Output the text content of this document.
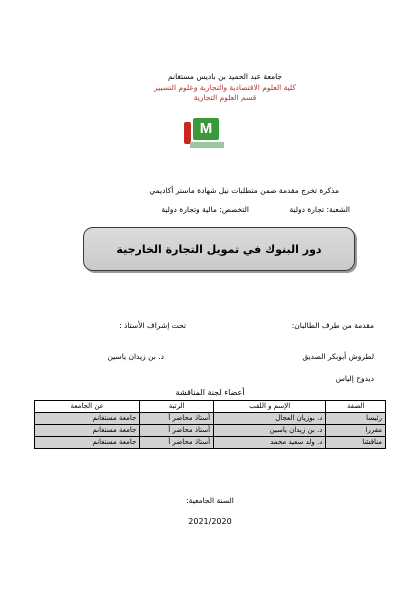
جامعة عبد الحميد بن باديس مستغانم
كلية العلوم الاقتصادية والتجارية وعلوم التسيير
قسم العلوم التجارية
M
مذكرة تخرج مقدمة ضمن متطلبات نيل شهادة ماستر أكاديمي
الشعبة: تجارة دولية
التخصص: مالية وتجارة دولية
دور البنوك في تمويل التجارة الخارجية
مقدمة من طرف الطالبان:
تحت إشراف الأستاذ :
لطروش أبوبكر الصديق
د. بن زيدان ياسين
ديدوح إلياس
أعضاء لجنة المناقشة
الصفة	الإسم و اللقب	الرتبة	عن الجامعة
رئيسا	د. بوزيان العجال	أستاذ محاضر أ	جامعة مستغانم
مقررا	د. بن زيدان ياسين	أستاذ محاضر أ	جامعة مستغانم
مناقشا	د. ولد سعيد محمد	أستاذ محاضر أ	جامعة مستغانم
السنة الجامعية:
2021/2020
